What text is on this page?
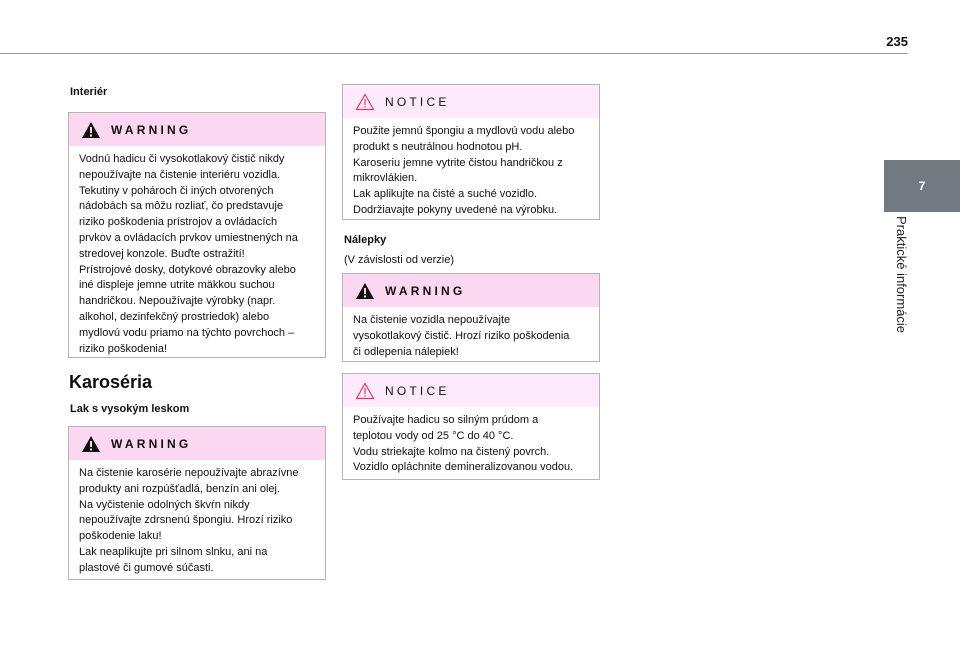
235
7
Praktické informácie
Interiér
WARNING
Vodnú hadicu či vysokotlakový čistič nikdy
nepoužívajte na čistenie interiéru vozidla.
Tekutiny v pohároch či iných otvorených
nádobách sa môžu rozliať, čo predstavuje
riziko poškodenia prístrojov a ovládacích
prvkov a ovládacích prvkov umiestnených na
stredovej konzole. Buďte ostražití!
Prístrojové dosky, dotykové obrazovky alebo
iné displeje jemne utrite mäkkou suchou
handričkou. Nepoužívajte výrobky (napr.
alkohol, dezinfekčný prostriedok) alebo
mydlovú vodu priamo na týchto povrchoch –
riziko poškodenia!
Karoséria
Lak s vysokým leskom
WARNING
Na čistenie karosérie nepoužívajte abrazívne
produkty ani rozpúšťadlá, benzín ani olej.
Na vyčistenie odolných škvŕn nikdy
nepoužívajte zdrsnenú špongiu. Hrozí riziko
poškodenie laku!
Lak neaplikujte pri silnom slnku, ani na
plastové či gumové súčasti.
NOTICE
Použite jemnú špongiu a mydlovú vodu alebo
produkt s neutrálnou hodnotou pH.
Karoseriu jemne vytrite čistou handričkou z
mikrovlákien.
Lak aplikujte na čisté a suché vozidlo.
Dodržiavajte pokyny uvedené na výrobku.
Nálepky
(V závislosti od verzie)
WARNING
Na čistenie vozidla nepoužívajte
vysokotlakový čistič. Hrozí riziko poškodenia
či odlepenia nálepiek!
NOTICE
Používajte hadicu so silným prúdom a
teplotou vody od 25 °C do 40 °C.
Vodu striekajte kolmo na čistený povrch.
Vozidlo opláchnite demineralizovanou vodou.
